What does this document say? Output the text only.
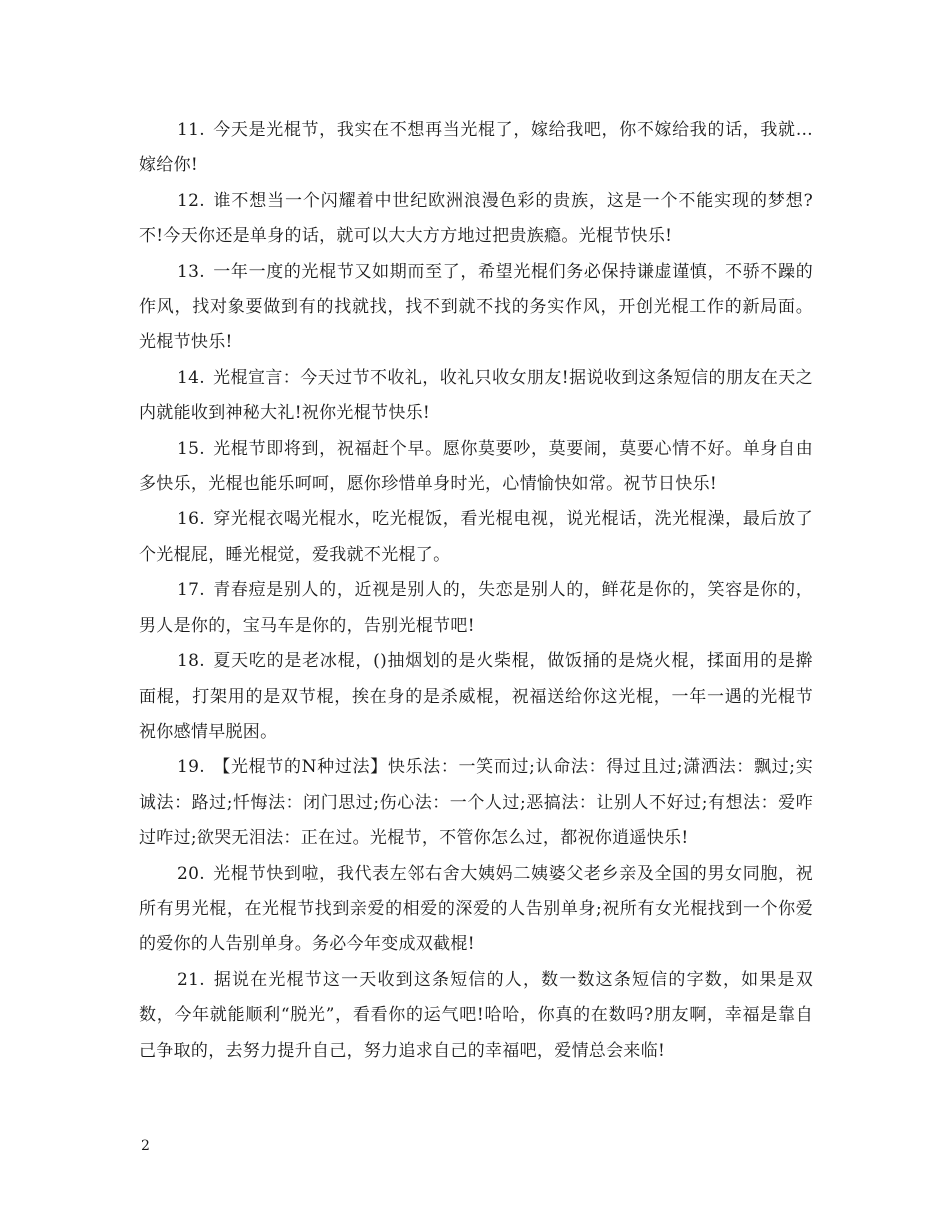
11. 今天是光棍节，我实在不想再当光棍了，嫁给我吧，你不嫁给我的话，我就…嫁给你!

12. 谁不想当一个闪耀着中世纪欧洲浪漫色彩的贵族，这是一个不能实现的梦想?不!今天你还是单身的话，就可以大大方方地过把贵族瘾。光棍节快乐!

13. 一年一度的光棍节又如期而至了，希望光棍们务必保持谦虚谨慎，不骄不躁的作风，找对象要做到有的找就找，找不到就不找的务实作风，开创光棍工作的新局面。光棍节快乐!

14. 光棍宣言：今天过节不收礼，收礼只收女朋友!据说收到这条短信的朋友在天之内就能收到神秘大礼!祝你光棍节快乐!

15. 光棍节即将到，祝福赶个早。愿你莫要吵，莫要闹，莫要心情不好。单身自由多快乐，光棍也能乐呵呵，愿你珍惜单身时光，心情愉快如常。祝节日快乐!

16. 穿光棍衣喝光棍水，吃光棍饭，看光棍电视，说光棍话，洗光棍澡，最后放了个光棍屁，睡光棍觉，爱我就不光棍了。

17. 青春痘是别人的，近视是别人的，失恋是别人的，鲜花是你的，笑容是你的，男人是你的，宝马车是你的，告别光棍节吧!

18. 夏天吃的是老冰棍，()抽烟划的是火柴棍，做饭捅的是烧火棍，揉面用的是擀面棍，打架用的是双节棍，挨在身的是杀威棍，祝福送给你这光棍，一年一遇的光棍节祝你感情早脱困。

19. 【光棍节的N种过法】快乐法：一笑而过;认命法：得过且过;潇洒法：飘过;实诚法：路过;忏悔法：闭门思过;伤心法：一个人过;恶搞法：让别人不好过;有想法：爱咋过咋过;欲哭无泪法：正在过。光棍节，不管你怎么过，都祝你逍遥快乐!

20. 光棍节快到啦，我代表左邻右舍大姨妈二姨婆父老乡亲及全国的男女同胞，祝所有男光棍，在光棍节找到亲爱的相爱的深爱的人告别单身;祝所有女光棍找到一个你爱的爱你的人告别单身。务必今年变成双截棍!

21. 据说在光棍节这一天收到这条短信的人，数一数这条短信的字数，如果是双数，今年就能顺利“脱光”，看看你的运气吧!哈哈，你真的在数吗?朋友啊，幸福是靠自己争取的，去努力提升自己，努力追求自己的幸福吧，爱情总会来临!

2
